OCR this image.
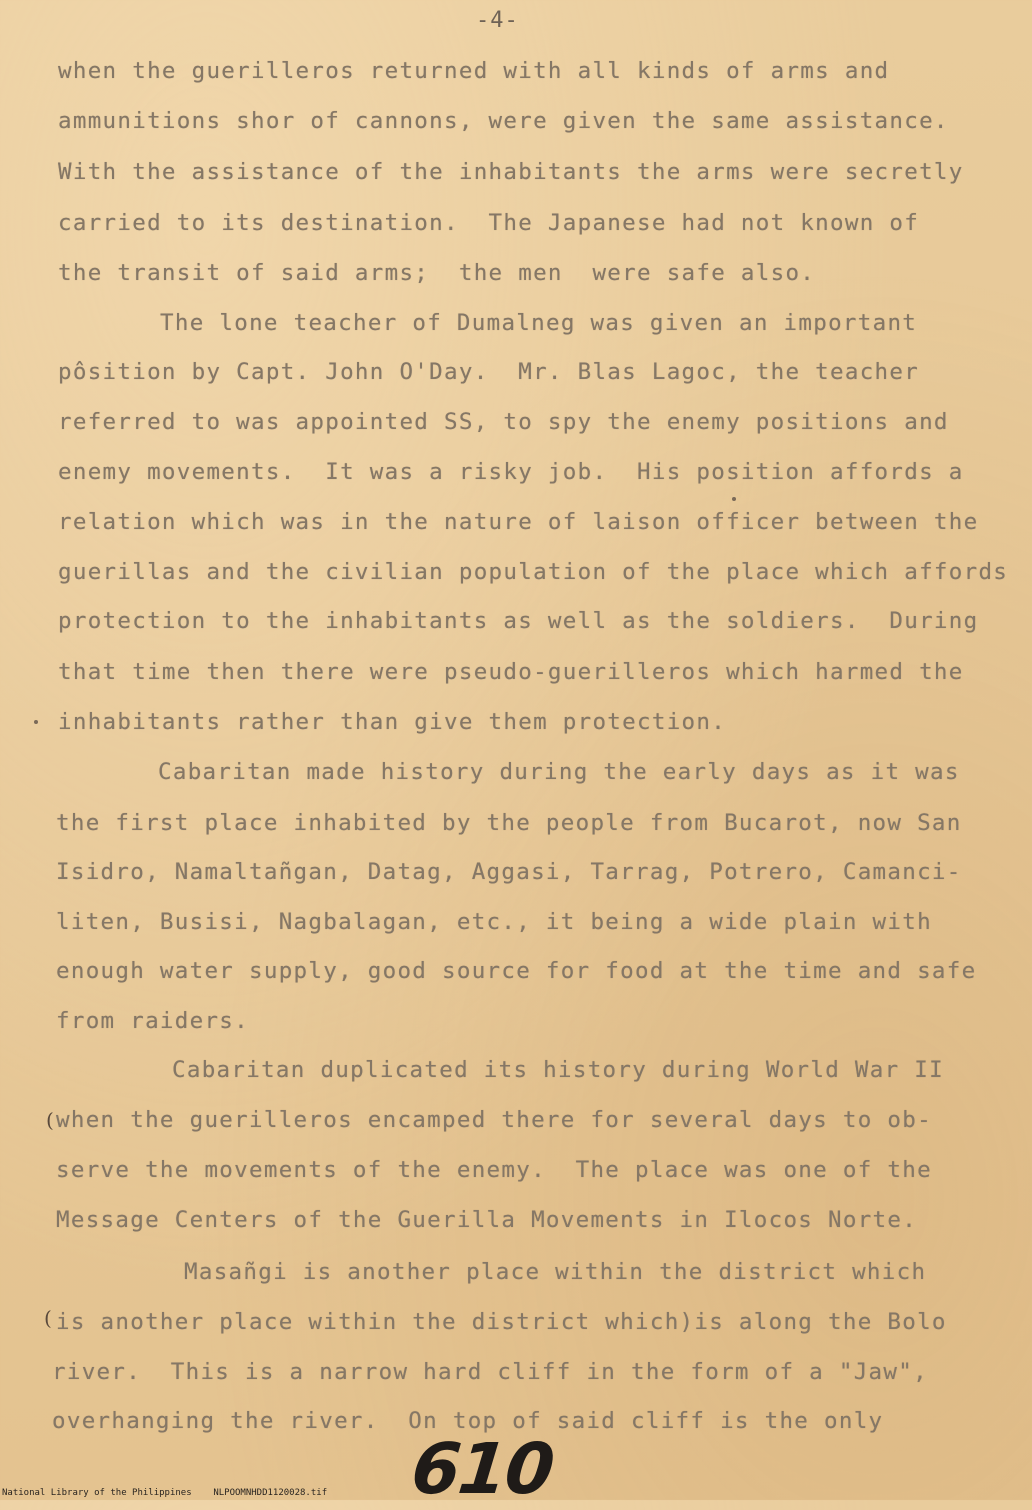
-4-
when the guerilleros returned with all kinds of arms and
ammunitions shor of cannons, were given the same assistance.
With the assistance of the inhabitants the arms were secretly
carried to its destination.  The Japanese had not known of
the transit of said arms;  the men  were safe also.
The lone teacher of Dumalneg was given an important
pôsition by Capt. John O'Day.  Mr. Blas Lagoc, the teacher
referred to was appointed SS, to spy the enemy positions and
enemy movements.  It was a risky job.  His position affords a
relation which was in the nature of laison officer between the
guerillas and the civilian population of the place which affords
protection to the inhabitants as well as the soldiers.  During
that time then there were pseudo-guerilleros which harmed the
inhabitants rather than give them protection.
Cabaritan made history during the early days as it was
the first place inhabited by the people from Bucarot, now San
Isidro, Namaltañgan, Datag, Aggasi, Tarrag, Potrero, Camanci-
liten, Busisi, Nagbalagan, etc., it being a wide plain with
enough water supply, good source for food at the time and safe
from raiders.
Cabaritan duplicated its history during World War II
when the guerilleros encamped there for several days to ob-
serve the movements of the enemy.  The place was one of the
Message Centers of the Guerilla Movements in Ilocos Norte.
Masañgi is another place within the district which
is another place within the district which)is along the Bolo
river.  This is a narrow hard cliff in the form of a "Jaw",
overhanging the river.  On top of said cliff is the only
(
(
610
National Library of the Philippines    NLPOOMNHDD1120028.tif
